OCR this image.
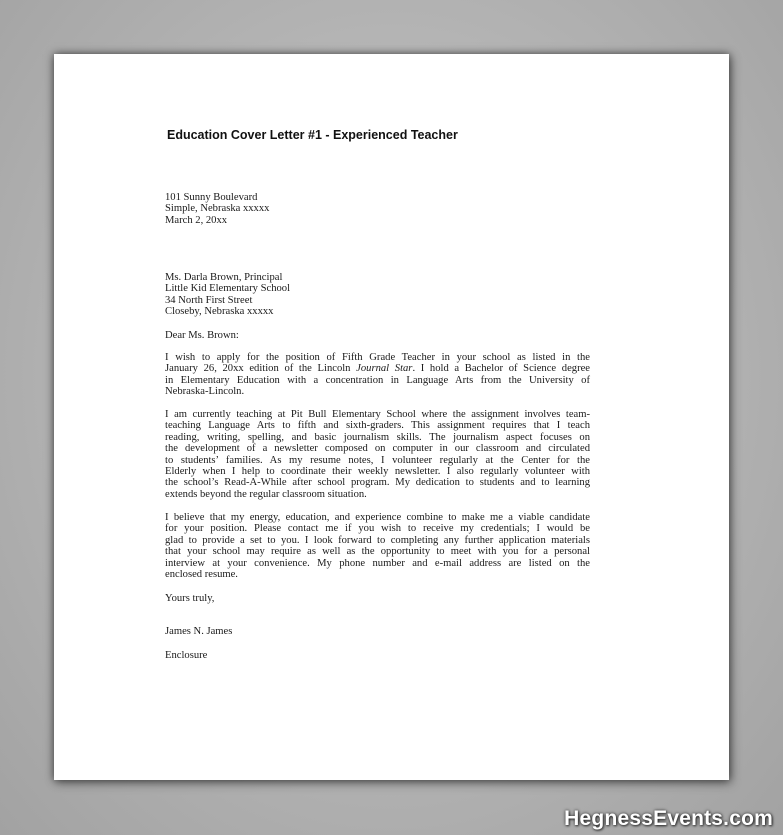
Education Cover Letter #1 - Experienced Teacher
101 Sunny Boulevard
Simple, Nebraska xxxxx
March 2, 20xx
Ms. Darla Brown, Principal
Little Kid Elementary School
34 North First Street
Closeby, Nebraska xxxxx
Dear Ms. Brown:
I wish to apply for the position of Fifth Grade Teacher in your school as listed in the
January 26, 20xx edition of the Lincoln Journal Star. I hold a Bachelor of Science degree
in Elementary Education with a concentration in Language Arts from the University of
Nebraska-Lincoln.
I am currently teaching at Pit Bull Elementary School where the assignment involves team-
teaching Language Arts to fifth and sixth-graders. This assignment requires that I teach
reading, writing, spelling, and basic journalism skills. The journalism aspect focuses on
the development of a newsletter composed on computer in our classroom and circulated
to students’ families. As my resume notes, I volunteer regularly at the Center for the
Elderly when I help to coordinate their weekly newsletter. I also regularly volunteer with
the school’s Read-A-While after school program. My dedication to students and to learning
extends beyond the regular classroom situation.
I believe that my energy, education, and experience combine to make me a viable candidate
for your position. Please contact me if you wish to receive my credentials; I would be
glad to provide a set to you. I look forward to completing any further application materials
that your school may require as well as the opportunity to meet with you for a personal
interview at your convenience. My phone number and e-mail address are listed on the
enclosed resume.
Yours truly,
James N. James
Enclosure
HegnessEvents.com
